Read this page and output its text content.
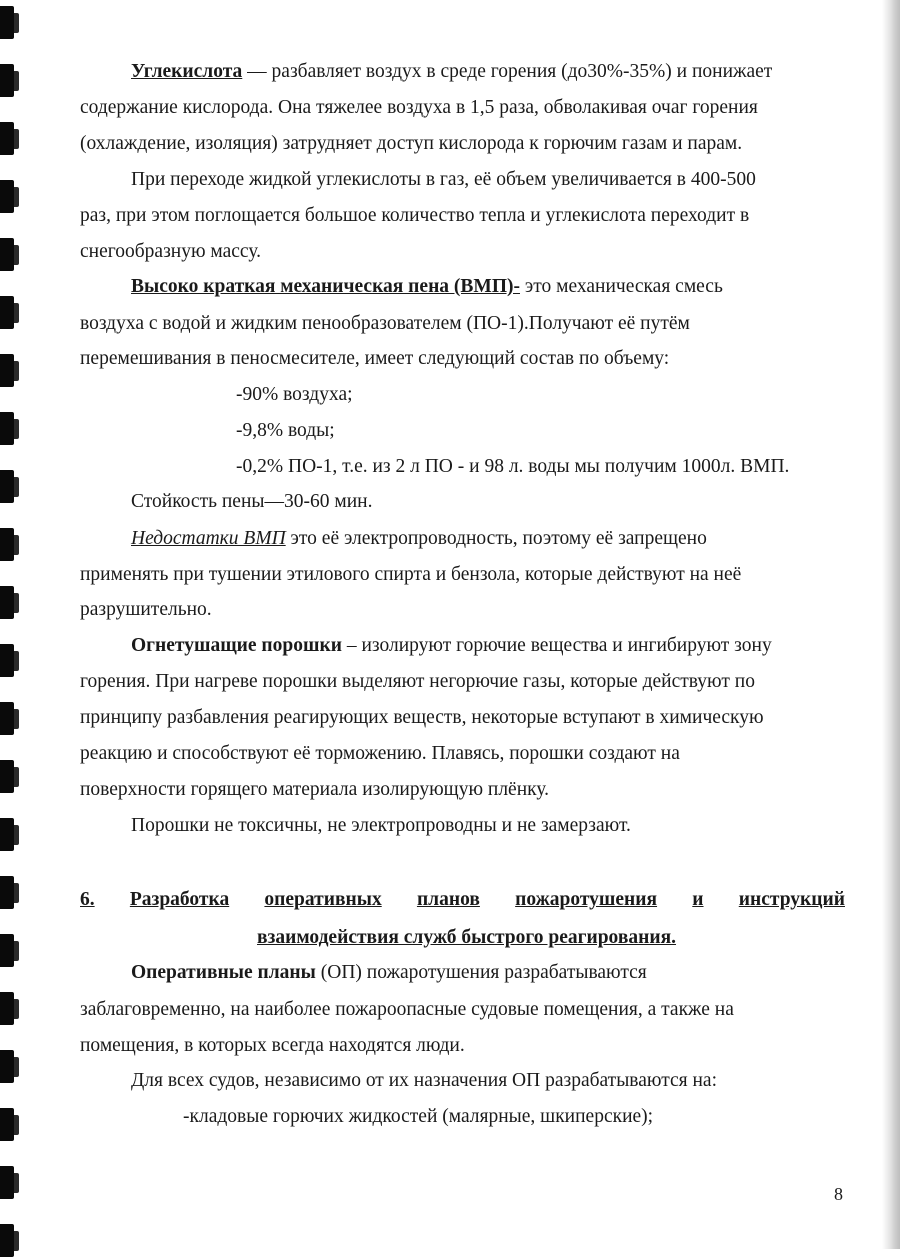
Углекислота — разбавляет воздух в среде горения (до30%-35%) и понижает

содержание кислорода. Она тяжелее воздуха в 1,5 раза, обволакивая очаг горения

(охлаждение, изоляция) затрудняет доступ кислорода к горючим газам и парам.

При переходе жидкой углекислоты в газ, её объем увеличивается в 400-500

раз, при этом поглощается большое количество тепла и углекислота переходит в

снегообразную массу.

Высоко краткая механическая пена (ВМП)- это механическая смесь

воздуха с водой и жидким пенообразователем (ПО-1).Получают её путём

перемешивания в пеносмесителе, имеет следующий состав по объему:

-90% воздуха;

-9,8% воды;

-0,2% ПО-1, т.е. из 2 л ПО - и 98 л. воды мы получим 1000л. ВМП.

Стойкость пены—30-60 мин.

Недостатки ВМП это её электропроводность, поэтому её запрещено

применять при тушении этилового спирта и бензола, которые действуют на неё

разрушительно.

Огнетушащие порошки – изолируют горючие вещества и ингибируют зону

горения. При нагреве порошки выделяют негорючие газы, которые действуют по

принципу разбавления реагирующих веществ, некоторые вступают в химическую

реакцию и способствуют её торможению. Плавясь, порошки создают на

поверхности горящего материала изолирующую плёнку.

Порошки не токсичны, не электропроводны и не замерзают.

6. Разработка оперативных планов пожаротушения и инструкций

взаимодействия служб быстрого реагирования.

Оперативные планы (ОП) пожаротушения разрабатываются

заблаговременно, на наиболее пожароопасные судовые помещения, а также на

помещения, в которых всегда находятся люди.

Для всех судов, независимо от их назначения ОП разрабатываются на:

-кладовые горючих жидкостей (малярные, шкиперские);

8
